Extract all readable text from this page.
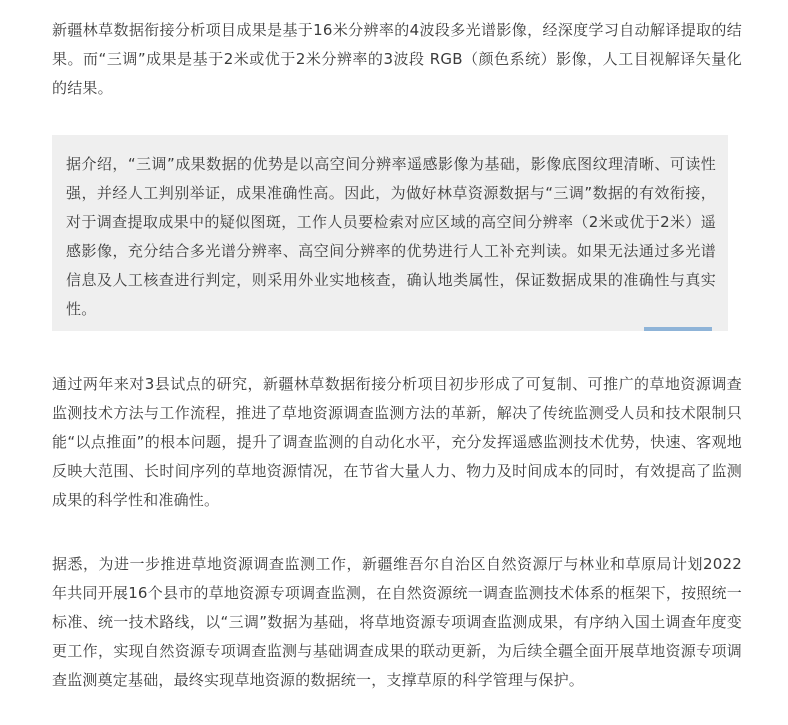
新疆林草数据衔接分析项目成果是基于16米分辨率的4波段多光谱影像，经深度学习自动解译提取的结果。而“三调”成果是基于2米或优于2米分辨率的3波段 RGB（颜色系统）影像，人工目视解译矢量化的结果。

据介绍，“三调”成果数据的优势是以高空间分辨率遥感影像为基础，影像底图纹理清晰、可读性强，并经人工判别举证，成果准确性高。因此，为做好林草资源数据与“三调”数据的有效衔接，对于调查提取成果中的疑似图斑，工作人员要检索对应区域的高空间分辨率（2米或优于2米）遥感影像，充分结合多光谱分辨率、高空间分辨率的优势进行人工补充判读。如果无法通过多光谱信息及人工核查进行判定，则采用外业实地核查，确认地类属性，保证数据成果的准确性与真实性。

通过两年来对3县试点的研究，新疆林草数据衔接分析项目初步形成了可复制、可推广的草地资源调查监测技术方法与工作流程，推进了草地资源调查监测方法的革新，解决了传统监测受人员和技术限制只能“以点推面”的根本问题，提升了调查监测的自动化水平，充分发挥遥感监测技术优势，快速、客观地反映大范围、长时间序列的草地资源情况，在节省大量人力、物力及时间成本的同时，有效提高了监测成果的科学性和准确性。

据悉，为进一步推进草地资源调查监测工作，新疆维吾尔自治区自然资源厅与林业和草原局计划2022年共同开展16个县市的草地资源专项调查监测，在自然资源统一调查监测技术体系的框架下，按照统一标准、统一技术路线，以“三调”数据为基础，将草地资源专项调查监测成果，有序纳入国土调查年度变更工作，实现自然资源专项调查监测与基础调查成果的联动更新，为后续全疆全面开展草地资源专项调查监测奠定基础，最终实现草地资源的数据统一，支撑草原的科学管理与保护。
